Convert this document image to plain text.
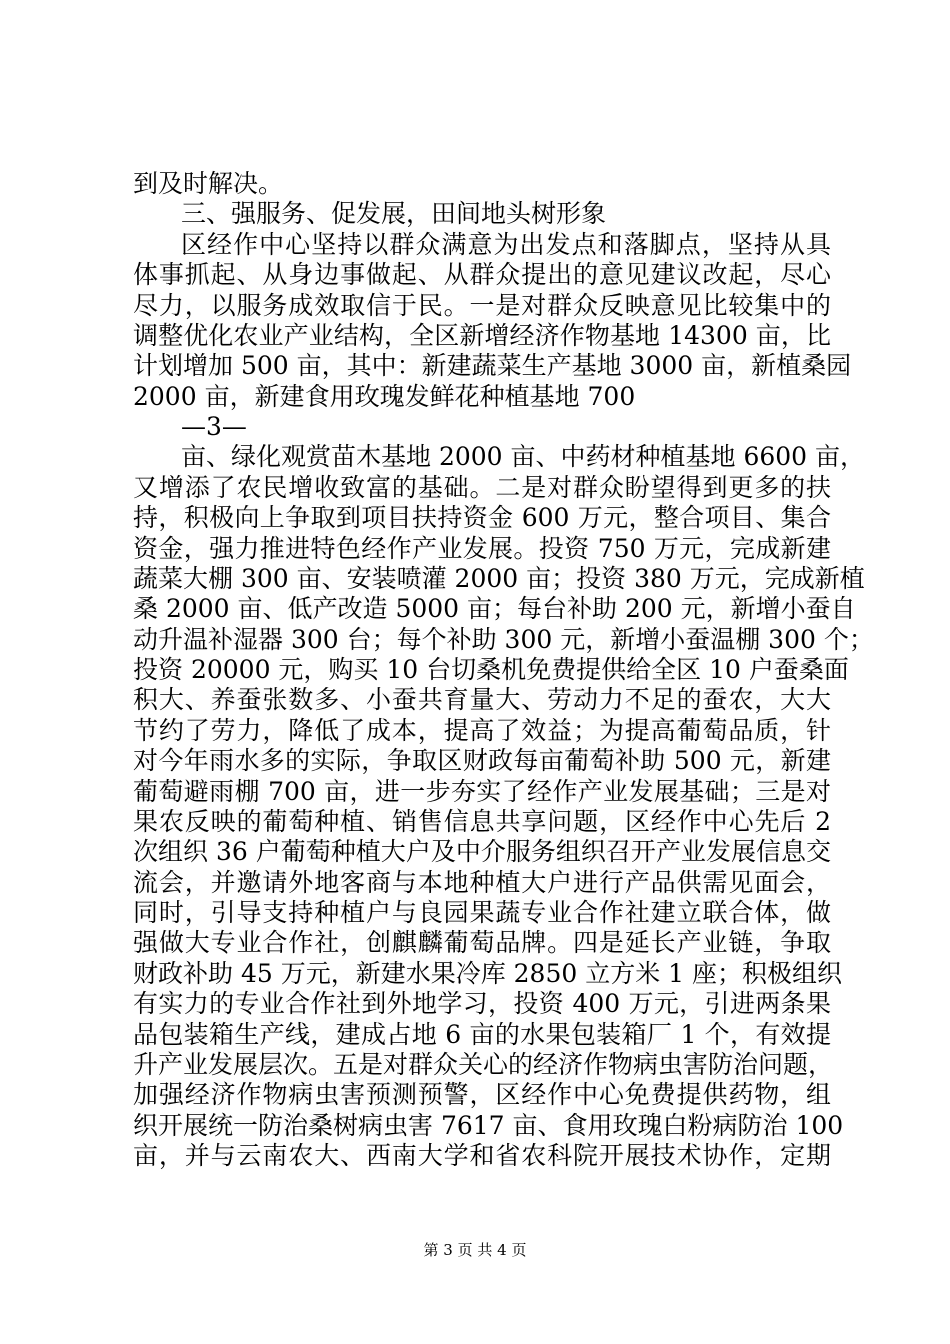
到及时解决。
三、强服务、促发展，田间地头树形象
区经作中心坚持以群众满意为出发点和落脚点，坚持从具
体事抓起、从身边事做起、从群众提出的意见建议改起，尽心
尽力，以服务成效取信于民。一是对群众反映意见比较集中的
调整优化农业产业结构，全区新增经济作物基地 14300 亩，比
计划增加 500 亩，其中：新建蔬菜生产基地 3000 亩，新植桑园
2000 亩，新建食用玫瑰发鲜花种植基地 700
—3—
亩、绿化观赏苗木基地 2000 亩、中药材种植基地 6600 亩，
又增添了农民增收致富的基础。二是对群众盼望得到更多的扶
持，积极向上争取到项目扶持资金 600 万元，整合项目、集合
资金，强力推进特色经作产业发展。投资 750 万元，完成新建
蔬菜大棚 300 亩、安装喷灌 2000 亩；投资 380 万元，完成新植
桑 2000 亩、低产改造 5000 亩；每台补助 200 元，新增小蚕自
动升温补湿器 300 台；每个补助 300 元，新增小蚕温棚 300 个；
投资 20000 元，购买 10 台切桑机免费提供给全区 10 户蚕桑面
积大、养蚕张数多、小蚕共育量大、劳动力不足的蚕农，大大
节约了劳力，降低了成本，提高了效益；为提高葡萄品质，针
对今年雨水多的实际，争取区财政每亩葡萄补助 500 元，新建
葡萄避雨棚 700 亩，进一步夯实了经作产业发展基础；三是对
果农反映的葡萄种植、销售信息共享问题，区经作中心先后 2
次组织 36 户葡萄种植大户及中介服务组织召开产业发展信息交
流会，并邀请外地客商与本地种植大户进行产品供需见面会，
同时，引导支持种植户与良园果蔬专业合作社建立联合体，做
强做大专业合作社，创麒麟葡萄品牌。四是延长产业链，争取
财政补助 45 万元，新建水果冷库 2850 立方米 1 座；积极组织
有实力的专业合作社到外地学习，投资 400 万元，引进两条果
品包装箱生产线，建成占地 6 亩的水果包装箱厂 1 个，有效提
升产业发展层次。五是对群众关心的经济作物病虫害防治问题，
加强经济作物病虫害预测预警，区经作中心免费提供药物，组
织开展统一防治桑树病虫害 7617 亩、食用玫瑰白粉病防治 100
亩，并与云南农大、西南大学和省农科院开展技术协作，定期
第 3 页 共 4 页
